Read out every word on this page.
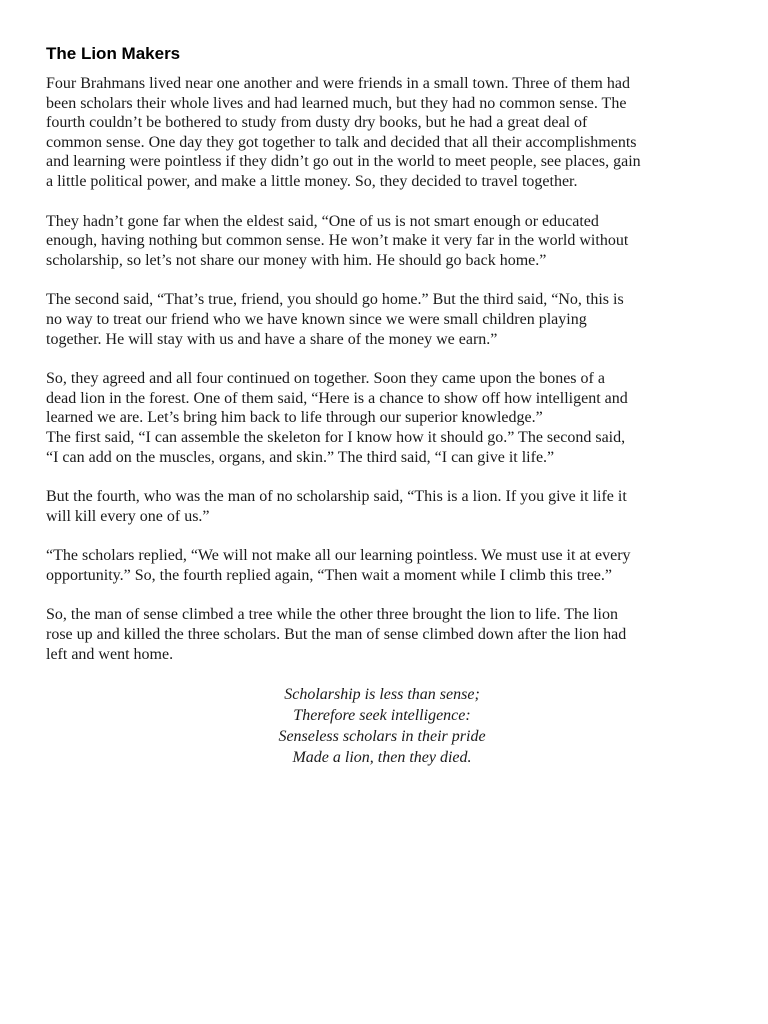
The Lion Makers

Four Brahmans lived near one another and were friends in a small town. Three of them had
been scholars their whole lives and had learned much, but they had no common sense. The
fourth couldn’t be bothered to study from dusty dry books, but he had a great deal of
common sense. One day they got together to talk and decided that all their accomplishments
and learning were pointless if they didn’t go out in the world to meet people, see places, gain
a little political power, and make a little money. So, they decided to travel together.

They hadn’t gone far when the eldest said, “One of us is not smart enough or educated
enough, having nothing but common sense. He won’t make it very far in the world without
scholarship, so let’s not share our money with him. He should go back home.”

The second said, “That’s true, friend, you should go home.” But the third said, “No, this is
no way to treat our friend who we have known since we were small children playing
together. He will stay with us and have a share of the money we earn.”

So, they agreed and all four continued on together. Soon they came upon the bones of a
dead lion in the forest. One of them said, “Here is a chance to show off how intelligent and
learned we are. Let’s bring him back to life through our superior knowledge.”
The first said, “I can assemble the skeleton for I know how it should go.” The second said,
“I can add on the muscles, organs, and skin.” The third said, “I can give it life.”

But the fourth, who was the man of no scholarship said, “This is a lion. If you give it life it
will kill every one of us.”

“The scholars replied, “We will not make all our learning pointless. We must use it at every
opportunity.” So, the fourth replied again, “Then wait a moment while I climb this tree.”

So, the man of sense climbed a tree while the other three brought the lion to life. The lion
rose up and killed the three scholars. But the man of sense climbed down after the lion had
left and went home.

Scholarship is less than sense;
Therefore seek intelligence:
Senseless scholars in their pride
Made a lion, then they died.
